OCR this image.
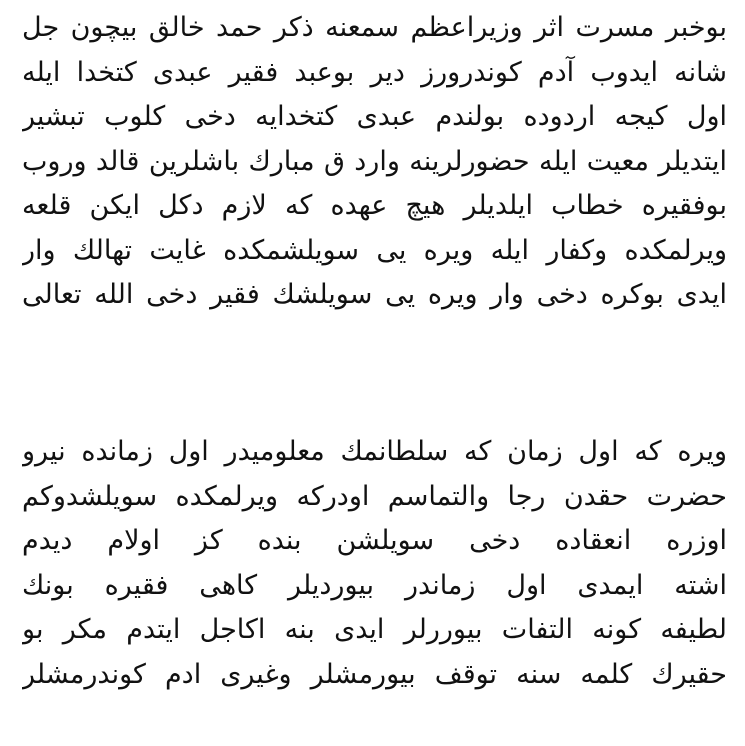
بوخبر مسرت اثر وزیراعظم سمعنه ذکر حمد خالق بیچون جل
شانه ایدوب آدم کوندرورز دیر بوعبد فقیر عبدی کتخدا ایله
اول کیجه اردوده بولندم عبدی کتخدایه دخی کلوب تبشیر
ایتدیلر معیت ایله حضورلرینه وارد ق مبارك باشلرین قالد وروب
بوفقیره خطاب ایلدیلر هیچ عهده که لازم دکل ایکن قلعه
ویرلمکده وکفار ایله ویره یی سویلشمکده غایت تهالك وار
ایدی بوکره دخی وار ویره یی سویلشك فقیر دخی الله تعالی
ویره که اول زمان که سلطانمك معلومیدر اول زمانده نیرو
حضرت حقدن رجا والتماسم اودرکه ویرلمکده سویلشدوکم
اوزره انعقاده دخی سویلشن بنده کز اولام دیدم
اشته ایمدی اول زماندر بیوردیلر کاهی فقیره بونك
لطیفه کونه التفات بیوررلر ایدی بنه اکاجل ایتدم مکر بو
حقیرك کلمه سنه توقف بیورمشلر وغیری ادم کوندرمشلر
